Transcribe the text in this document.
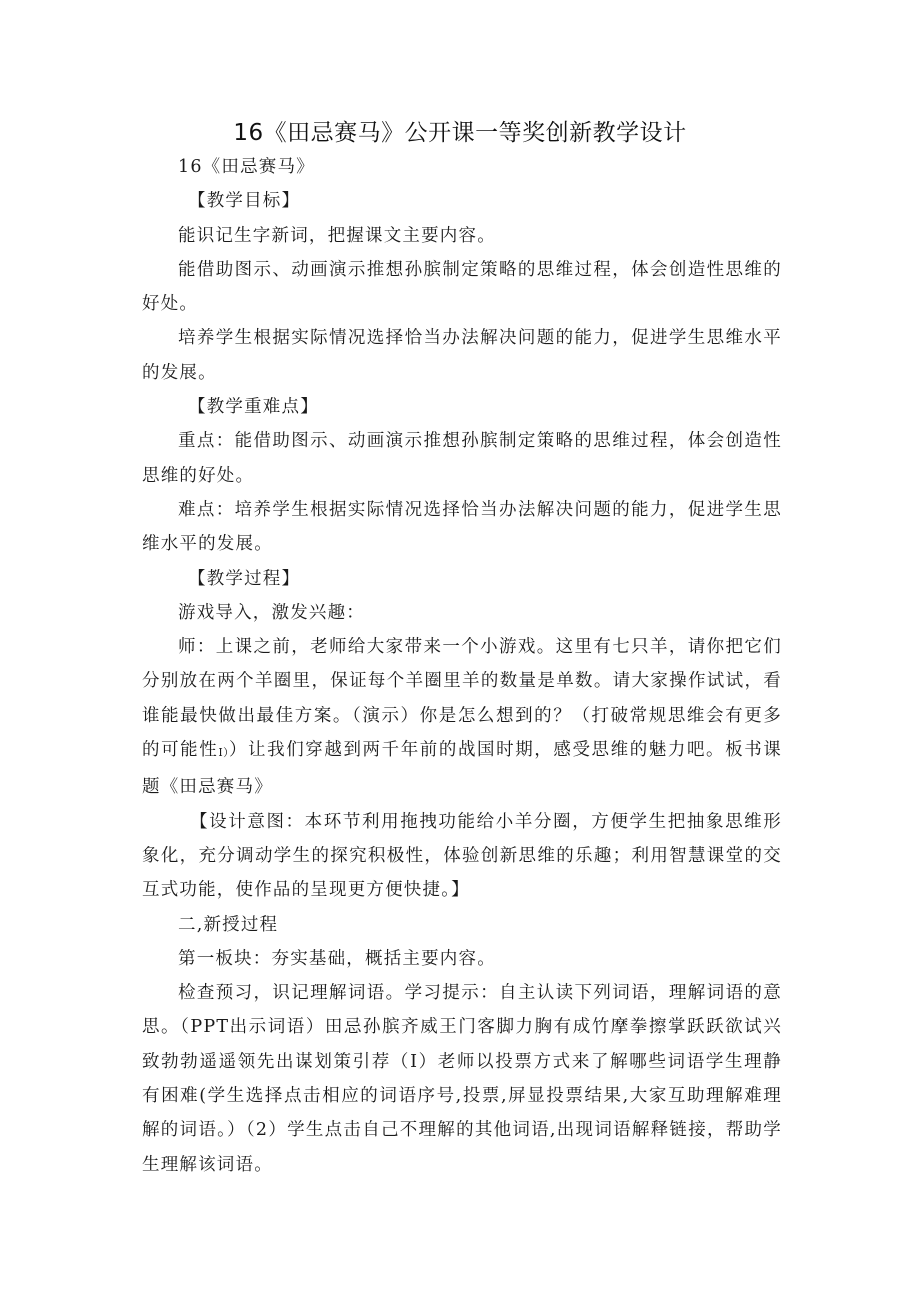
16《田忌赛马》公开课一等奖创新教学设计

16《田忌赛马》

【教学目标】

能识记生字新词，把握课文主要内容。

能借助图示、动画演示推想孙膑制定策略的思维过程，体会创造性思维的好处。

培养学生根据实际情况选择恰当办法解决问题的能力，促进学生思维水平的发展。

【教学重难点】

重点：能借助图示、动画演示推想孙膑制定策略的思维过程，体会创造性思维的好处。

难点：培养学生根据实际情况选择恰当办法解决问题的能力，促进学生思维水平的发展。

【教学过程】

游戏导入，激发兴趣：

师：上课之前，老师给大家带来一个小游戏。这里有七只羊，请你把它们分别放在两个羊圈里，保证每个羊圈里羊的数量是单数。请大家操作试试，看谁能最快做出最佳方案。（演示）你是怎么想到的？（打破常规思维会有更多的可能性I））让我们穿越到两千年前的战国时期，感受思维的魅力吧。板书课题《田忌赛马》

【设计意图：本环节利用拖拽功能给小羊分圈，方便学生把抽象思维形象化，充分调动学生的探究积极性，体验创新思维的乐趣；利用智慧课堂的交互式功能，使作品的呈现更方便快捷。】

二,新授过程

第一板块：夯实基础，概括主要内容。

检查预习，识记理解词语。学习提示：自主认读下列词语，理解词语的意思。（PPT出示词语）田忌孙膑齐威王门客脚力胸有成竹摩拳擦掌跃跃欲试兴致勃勃遥遥领先出谋划策引荐（I）老师以投票方式来了解哪些词语学生理静有困难(学生选择点击相应的词语序号,投票,屏显投票结果,大家互助理解难理解的词语。）（2）学生点击自己不理解的其他词语,出现词语解释链接，帮助学生理解该词语。
